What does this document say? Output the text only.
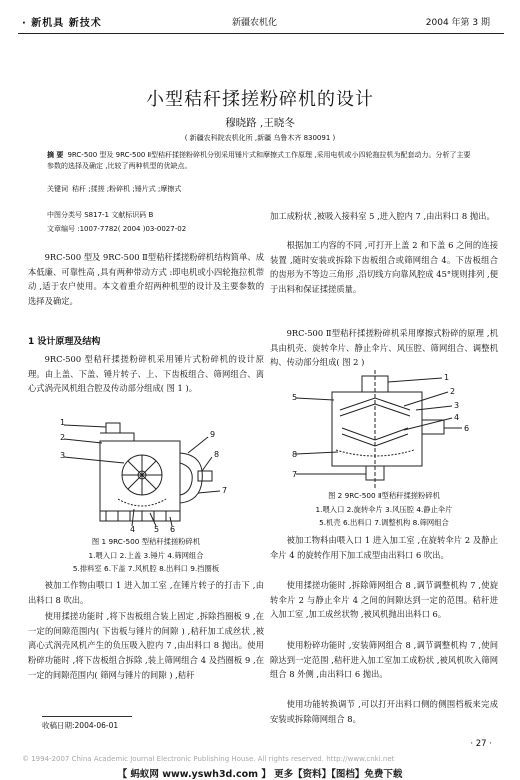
· 新机具 新技术	新疆农机化	2004 年第 3 期
小型秸秆揉搓粉碎机的设计
穆晓路 ,王晓冬
( 新疆农科院农机化所 ,新疆 乌鲁木齐 830091 )
摘 要 9RC-500 型及 9RC-500 Ⅱ型秸秆揉搓粉碎机分别采用锤片式和摩擦式工作原理 ,采用电机或小四轮拖拉机为配套动力。分析了主要参数的选择及确定 ,比较了两种机型的优缺点。
关键词 秸秆 ;揉搓 ;粉碎机 ;锤片式 ;摩擦式
中图分类号 S817-1 文献标识码 B
文章编号 :1007-7782( 2004 )03-0027-02
9RC-500 型及 9RC-500 Ⅱ型秸秆揉搓粉碎机结构简单、成本低廉、可靠性高 ,具有两种带动方式 :即电机或小四轮拖拉机带动 ,适于农户使用。本文着重介绍两种机型的设计及主要参数的选择及确定。
1 设计原理及结构
9RC-500 型秸秆揉搓粉碎机采用锤片式粉碎机的设计原理。由上盖、下盖、锤片转子、上、下齿板组合、筛网组合、离心式涡壳风机组合腔及传动部分组成( 图 1 )。
1
2
3
9
8
7
4 5 6
图 1 9RC-500 型秸秆揉搓粉碎机
1.喂入口 2.上盖 3.锤片 4.筛网组合
5.排料室 6.下盖 7.风机腔 8.出料口 9.挡圈板
被加工作物由喂口 1 进入加工室 ,在锤片转子的打击下 ,由出料口 8 吹出。
使用揉搓功能时 ,将下齿板组合装上固定 ,拆除挡圈板 9 ,在一定的间隙范围内( 下齿板与锤片的间隙 ) ,秸秆加工成丝状 ,被离心式涡壳风机产生的负压吸入腔内 7 ,由出料口 8 抛出。使用粉碎功能时 ,将下齿板组合拆除 ,装上筛网组合 4 及挡圈板 9 ,在一定的间隙范围内( 筛网与锤片的间隙 ) ,秸秆
加工成粉状 ,被吸入接料室 5 ,进入腔内 7 ,由出料口 8 抛出。
根据加工内容的不同 ,可打开上盖 2 和下盖 6 之间的连接装置 ,随时安装或拆除下齿板组合或筛网组合 4。下齿板组合的齿形为不等边三角形 ,沿切线方向靠风腔成 45°规则排列 ,便于出料和保证揉搓质量。
9RC-500 Ⅱ型秸秆揉搓粉碎机采用摩擦式粉碎的原理 ,机具由机壳、旋转伞片、静止伞片、风压腔、筛网组合、调整机构、传动部分组成( 图 2 )
1
2
3
4
5
6
7
8
图 2 9RC-500 Ⅱ型秸秆揉搓粉碎机
1.喂入口 2.旋转伞片 3.风压腔 4.静止伞片
5.机壳 6.出料口 7.调整机构 8.筛网组合
被加工物料由喂入口 1 进入加工室 ,在旋转伞片 2 及静止伞片 4 的旋转作用下加工成型由出料口 6 吹出。
使用揉搓功能时 ,拆除筛网组合 8 ,调节调整机构 7 ,使旋转伞片 2 与静止伞片 4 之间的间隙达到一定的范围。秸秆进入加工室 ,加工成丝状物 ,被风机抛出出料口 6。
使用粉碎功能时 ,安装筛网组合 8 ,调节调整机构 7 ,使间隙达到一定范围 ,秸秆进入加工室加工成粉状 ,被风机吹入筛网组合 8 外侧 ,由出料口 6 抛出。
使用功能转换调节 ,可以打开出料口侧的侧围档板来完成安装或拆除筛网组合 8。
收稿日期:2004-06-01
· 27 ·
© 1994-2007 China Academic Journal Electronic Publishing House. All rights reserved. http://www.cnki.net
【 蚂蚁网 www.yswh3d.com 】 更多【资料】【图档】免费下载
